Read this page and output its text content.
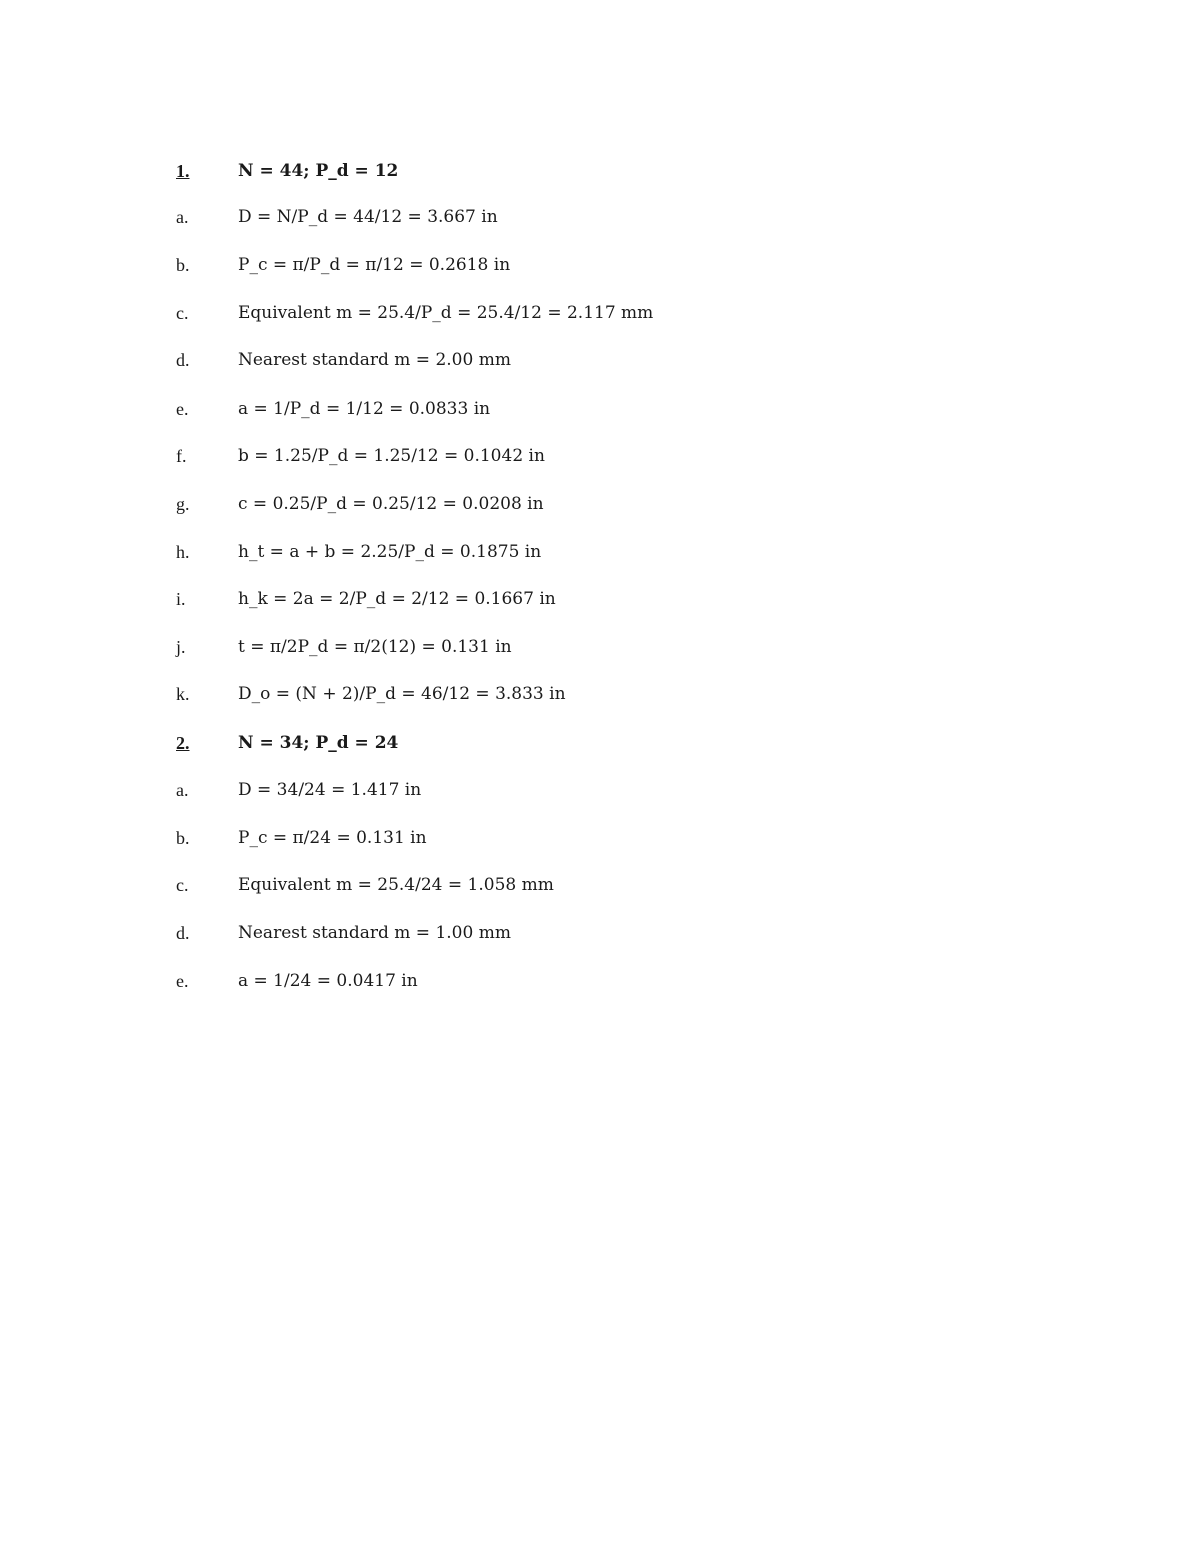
1.	N = 44; P_d = 12
a.	D = N/P_d = 44/12 = 3.667 in
b.	P_c = π/P_d = π/12 = 0.2618 in
c.	Equivalent m = 25.4/P_d = 25.4/12 = 2.117 mm
d.	Nearest standard m = 2.00 mm
e.	a = 1/P_d = 1/12 = 0.0833 in
f.	b = 1.25/P_d = 1.25/12 = 0.1042 in
g.	c = 0.25/P_d = 0.25/12 = 0.0208 in
h.	h_t = a + b = 2.25/P_d = 0.1875 in
i.	h_k = 2a = 2/P_d = 2/12 = 0.1667 in
j.	t = π/2P_d = π/2(12) = 0.131 in
k.	D_o = (N + 2)/P_d = 46/12 = 3.833 in
2.	N = 34; P_d = 24
a.	D = 34/24 = 1.417 in
b.	P_c = π/24 = 0.131 in
c.	Equivalent m = 25.4/24 = 1.058 mm
d.	Nearest standard m = 1.00 mm
e.	a = 1/24 = 0.0417 in
